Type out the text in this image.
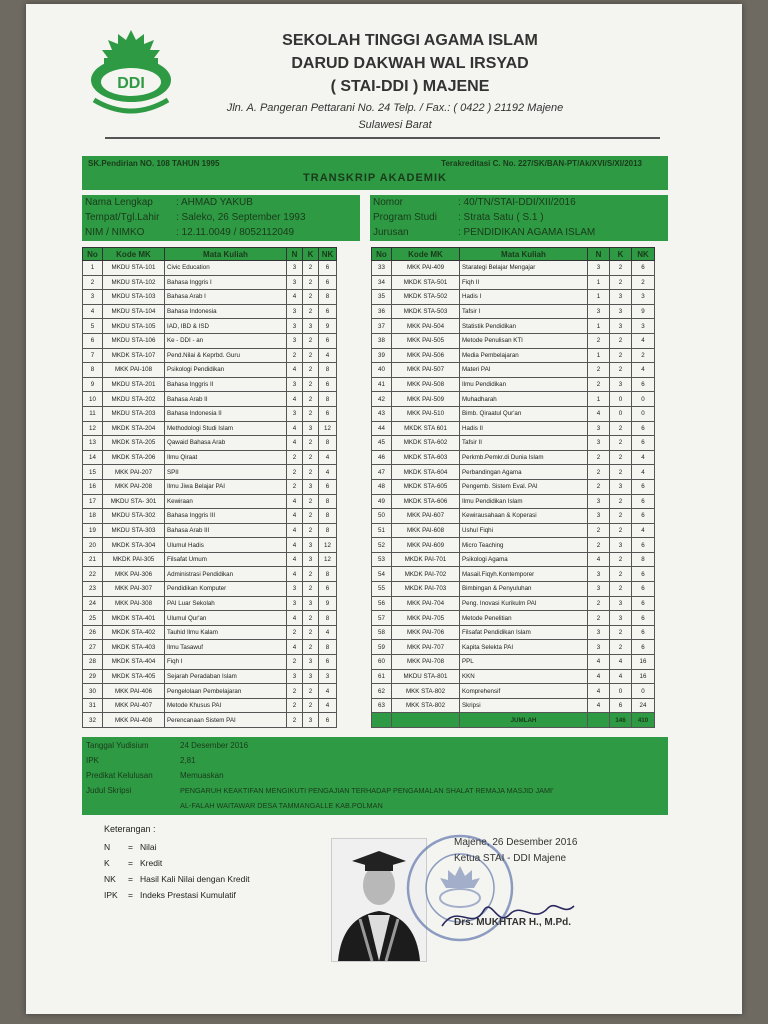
DDI
SEKOLAH TINGGI AGAMA ISLAM
DARUD DAKWAH WAL IRSYAD
( STAI-DDI ) MAJENE
Jln. A. Pangeran Pettarani No. 24 Telp. / Fax.: ( 0422 ) 21192 Majene
Sulawesi Barat
SK.Pendirian NO. 108 TAHUN 1995	Terakreditasi C. No. 227/SK/BAN-PT/Ak/XVI/S/XI/2013
TRANSKRIP AKADEMIK
Nama Lengkap	: AHMAD YAKUB
Tempat/Tgl.Lahir	: Saleko, 26 September 1993
NIM / NIMKO	: 12.11.0049 / 8052112049
Nomor	: 40/TN/STAI-DDI/XII/2016
Program Studi	: Strata Satu ( S.1 )
Jurusan	: PENDIDIKAN AGAMA ISLAM
No	Kode MK	Mata Kuliah	N	K	NK
1	MKDU STA-101	Civic Education	3	2	6
2	MKDU STA-102	Bahasa Inggris I	3	2	6
3	MKDU STA-103	Bahasa Arab I	4	2	8
4	MKDU STA-104	Bahasa Indonesia	3	2	6
5	MKDU STA-105	IAD, IBD & ISD	3	3	9
6	MKDU STA-106	Ke - DDI - an	3	2	6
7	MKDK STA-107	Pend.Nilai & Keprbd. Guru	2	2	4
8	MKK PAI-108	Psikologi Pendidikan	4	2	8
9	MKDU STA-201	Bahasa Inggris II	3	2	6
10	MKDU STA-202	Bahasa Arab II	4	2	8
11	MKDU STA-203	Bahasa Indonesia II	3	2	6
12	MKDK STA-204	Methodologi Studi Islam	4	3	12
13	MKDK STA-205	Qawaid Bahasa Arab	4	2	8
14	MKDK STA-206	Ilmu Qiraat	2	2	4
15	MKK PAI-207	SPII	2	2	4
16	MKK PAI-208	Ilmu Jiwa Belajar PAI	2	3	6
17	MKDU STA- 301	Kewiraan	4	2	8
18	MKDU STA-302	Bahasa Inggris III	4	2	8
19	MKDU STA-303	Bahasa Arab III	4	2	8
20	MKDK STA-304	Ulumul Hadis	4	3	12
21	MKDK PAI-305	Filsafat Umum	4	3	12
22	MKK PAI-306	Administrasi Pendidikan	4	2	8
23	MKK PAI-307	Pendidikan Komputer	3	2	6
24	MKK PAI-308	PAI Luar Sekolah	3	3	9
25	MKDK STA-401	Ulumul Qur'an	4	2	8
26	MKDK STA-402	Tauhid Ilmu Kalam	2	2	4
27	MKDK STA-403	Ilmu Tasawuf	4	2	8
28	MKDK STA-404	Fiqh I	2	3	6
29	MKDK STA-405	Sejarah Peradaban Islam	3	3	3
30	MKK PAI-406	Pengelolaan Pembelajaran	2	2	4
31	MKK PAI-407	Metode Khusus PAI	2	2	4
32	MKK PAI-408	Perencanaan Sistem PAI	2	3	6
No	Kode MK	Mata Kuliah	N	K	NK
33	MKK PAI-409	Starategi Belajar Mengajar	3	2	6
34	MKDK STA-501	Fiqh II	1	2	2
35	MKDK STA-502	Hadis I	1	3	3
36	MKDK STA-503	Tafsir I	3	3	9
37	MKK PAI-504	Statistik Pendidikan	1	3	3
38	MKK PAI-505	Metode Penulisan KTI	2	2	4
39	MKK PAI-506	Media Pembelajaran	1	2	2
40	MKK PAI-507	Materi PAI	2	2	4
41	MKK PAI-508	Ilmu Pendidikan	2	3	6
42	MKK PAI-509	Muhadharah	1	0	0
43	MKK PAI-510	Bimb. Qiraatul Qur'an	4	0	0
44	MKDK STA 601	Hadis II	3	2	6
45	MKDK STA-602	Tafsir II	3	2	6
46	MKDK STA-603	Perkmb.Pemkr.di Dunia Islam	2	2	4
47	MKDK STA-604	Perbandingan Agama	2	2	4
48	MKDK STA-605	Pengemb. Sistem Eval. PAI	2	3	6
49	MKDK STA-606	Ilmu Pendidikan Islam	3	2	6
50	MKK PAI-607	Kewirausahaan & Koperasi	3	2	6
51	MKK PAI-608	Ushul Fiqhi	2	2	4
52	MKK PAI-609	Micro Teaching	2	3	6
53	MKDK PAI-701	Psikologi Agama	4	2	8
54	MKDK PAI-702	Masail.Fiqyh.Kontemporer	3	2	6
55	MKDK PAI-703	Bimbingan & Penyuluhan	3	2	6
56	MKK PAI-704	Peng. Inovasi Kurikulm PAI	2	3	6
57	MKK PAI-705	Metode Penelitian	2	3	6
58	MKK PAI-706	Filsafat Pendidikan Islam	3	2	6
59	MKK PAI-707	Kapita Selekta PAI	3	2	6
60	MKK PAI-708	PPL	4	4	16
61	MKDU STA-801	KKN	4	4	16
62	MKK STA-802	Komprehensif	4	0	0
63	MKK STA-802	Skripsi	4	6	24
		JUMLAH		146	410
Tanggal Yudisium	24 Desember 2016
IPK	2,81
Predikat Kelulusan	Memuaskan
Judul Skripsi	PENGARUH KEAKTIFAN MENGIKUTI PENGAJIAN TERHADAP PENGAMALAN SHALAT REMAJA MASJID JAMI'
AL-FALAH WAITAWAR DESA TAMMANGALLE KAB.POLMAN
Keterangan :
N	= Nilai
K	= Kredit
NK	= Hasil Kali Nilai dengan Kredit
IPK	= Indeks Prestasi Kumulatif
Majene, 26 Desember 2016
Ketua STAI - DDI Majene
Drs. MUKHTAR H., M.Pd.
